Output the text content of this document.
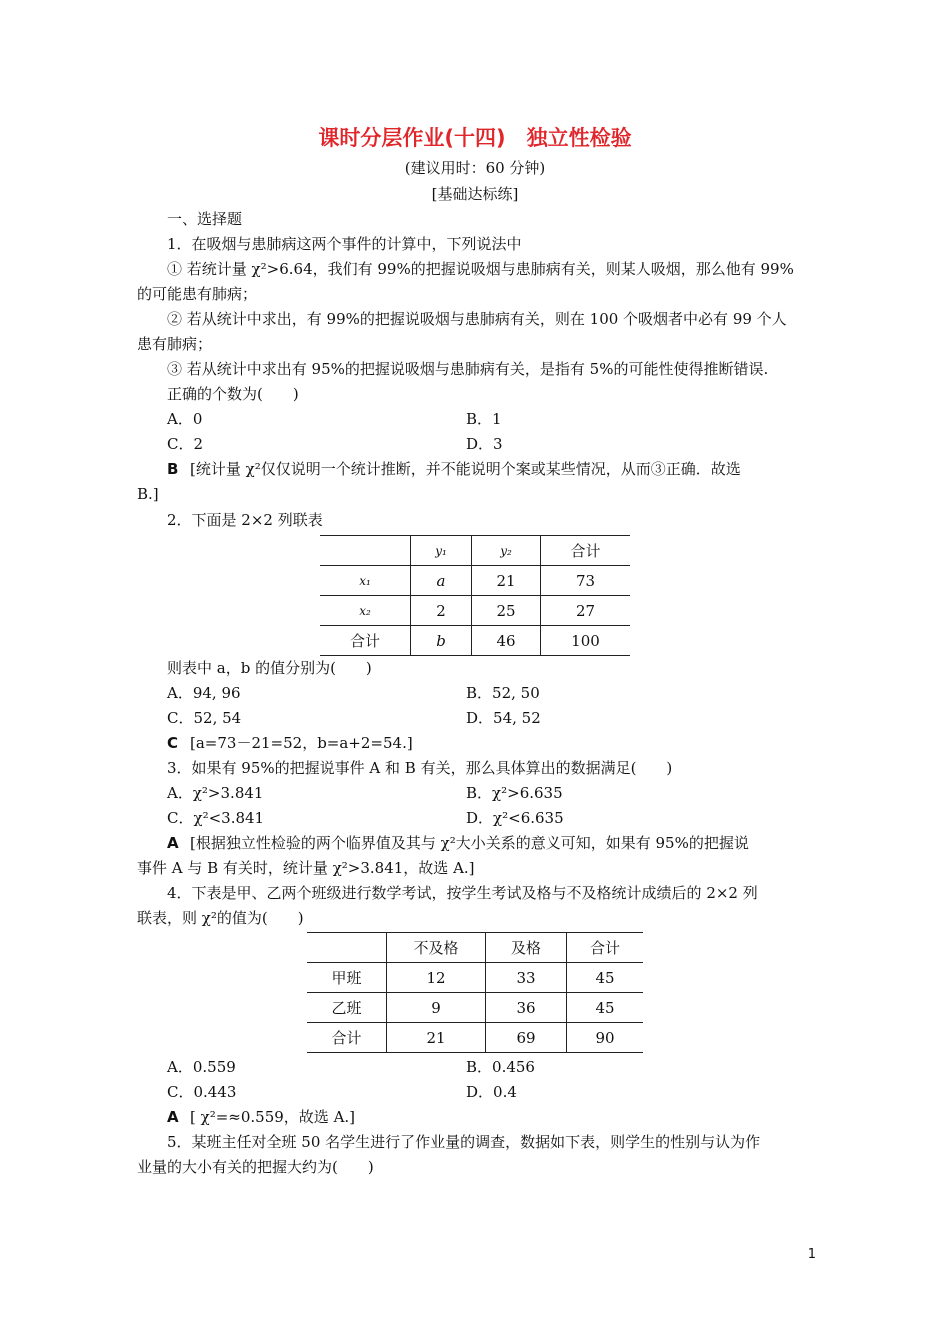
课时分层作业(十四)　独立性检验
(建议用时：60 分钟)
[基础达标练]
一、选择题
1．在吸烟与患肺病这两个事件的计算中，下列说法中
① 若统计量 χ²>6.64，我们有 99%的把握说吸烟与患肺病有关，则某人吸烟，那么他有 99%
的可能患有肺病；
② 若从统计中求出，有 99%的把握说吸烟与患肺病有关，则在 100 个吸烟者中必有 99 个人
患有肺病；
③ 若从统计中求出有 95%的把握说吸烟与患肺病有关，是指有 5%的可能性使得推断错误.
正确的个数为(　　)
A．0	B．1
C．2	D．3
B [统计量 χ²仅仅说明一个统计推断，并不能说明个案或某些情况，从而③正确．故选
B.]
2．下面是 2×2 列联表
	y₁	y₂	合计
x₁	a	21	73
x₂	2	25	27
合计	b	46	100
则表中 a，b 的值分别为(　　)
A．94, 96	B．52, 50
C．52, 54	D．54, 52
C [a=73－21=52，b=a+2=54.]
3．如果有 95%的把握说事件 A 和 B 有关，那么具体算出的数据满足(　　)
A．χ²>3.841	B．χ²>6.635
C．χ²<3.841	D．χ²<6.635
A [根据独立性检验的两个临界值及其与 χ²大小关系的意义可知，如果有 95%的把握说
事件 A 与 B 有关时，统计量 χ²>3.841，故选 A.]
4．下表是甲、乙两个班级进行数学考试，按学生考试及格与不及格统计成绩后的 2×2 列
联表，则 χ²的值为(　　)
	不及格	及格	合计
甲班	12	33	45
乙班	9	36	45
合计	21	69	90
A．0.559	B．0.456
C．0.443	D．0.4
A [ χ²=≈0.559，故选 A.]
5．某班主任对全班 50 名学生进行了作业量的调查，数据如下表，则学生的性别与认为作
业量的大小有关的把握大约为(　　)
1
